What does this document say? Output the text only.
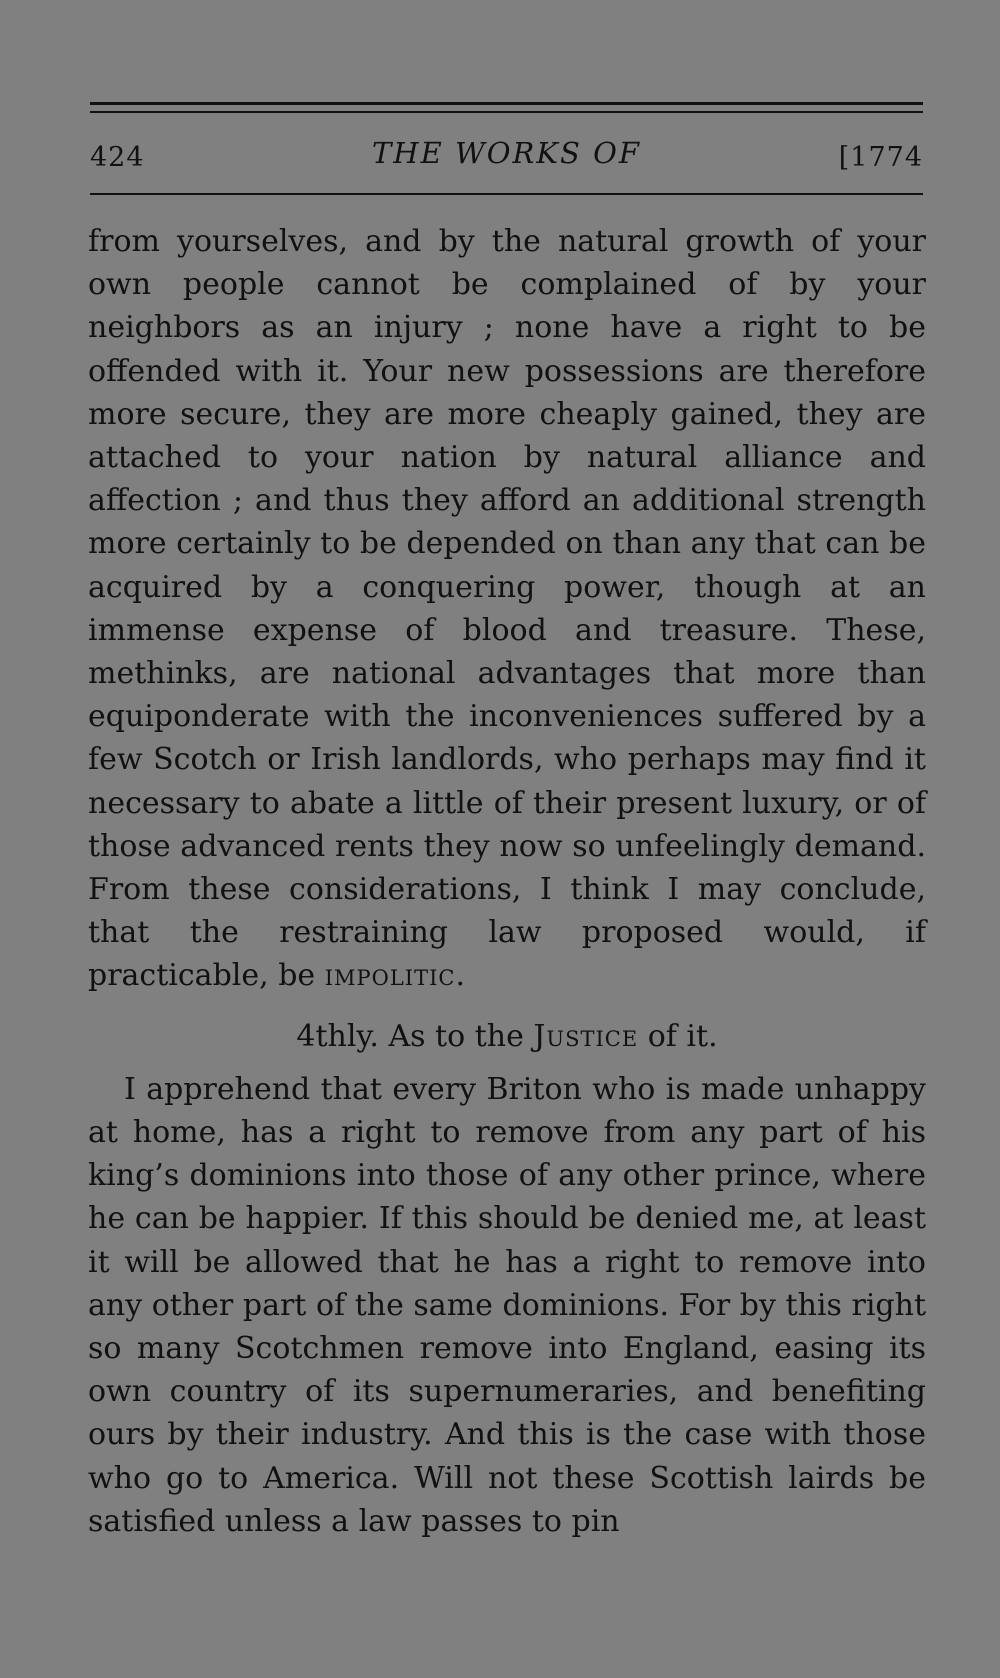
424	THE WORKS OF	[1774

from yourselves, and by the natural growth of your own people cannot be complained of by your neighbors as an injury ; none have a right to be offended with it. Your new possessions are therefore more secure, they are more cheaply gained, they are attached to your nation by natural alliance and affection ; and thus they afford an additional strength more certainly to be depended on than any that can be acquired by a conquering power, though at an immense expense of blood and treasure. These, methinks, are national advantages that more than equiponderate with the inconveniences suffered by a few Scotch or Irish landlords, who perhaps may find it necessary to abate a little of their present luxury, or of those advanced rents they now so unfeelingly demand. From these considerations, I think I may conclude, that the restraining law proposed would, if practicable, be impolitic.

4thly. As to the Justice of it.

I apprehend that every Briton who is made unhappy at home, has a right to remove from any part of his king’s dominions into those of any other prince, where he can be happier. If this should be denied me, at least it will be allowed that he has a right to remove into any other part of the same dominions. For by this right so many Scotchmen remove into England, easing its own country of its supernumeraries, and benefiting ours by their industry. And this is the case with those who go to America. Will not these Scottish lairds be satisfied unless a law passes to pin
